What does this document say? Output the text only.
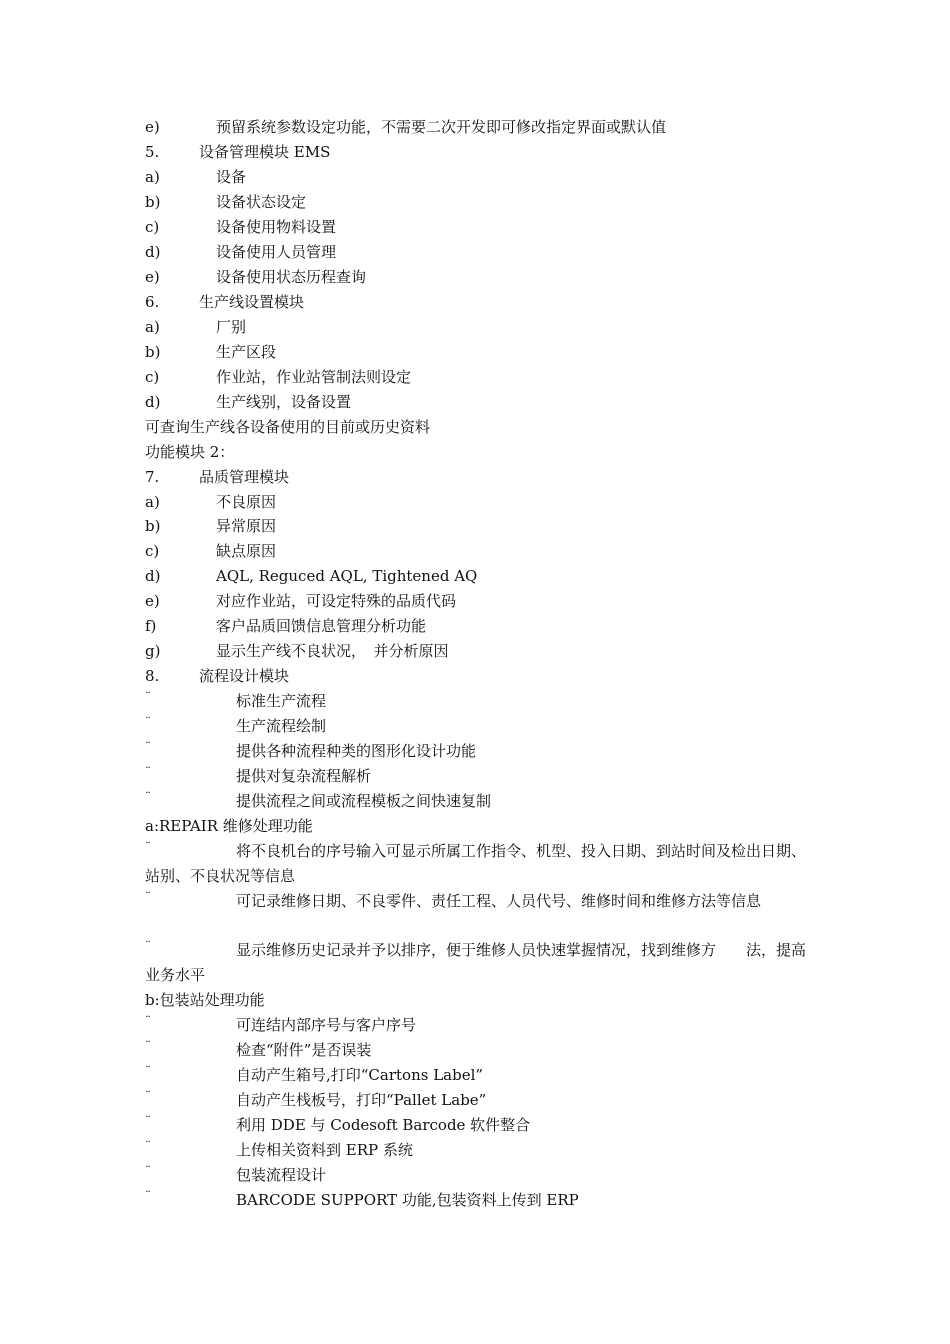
e)	预留系统参数设定功能，不需要二次开发即可修改指定界面或默认值
5.	设备管理模块 EMS
a)	设备
b)	设备状态设定
c)	设备使用物料设置
d)	设备使用人员管理
e)	设备使用状态历程查询
6.	生产线设置模块
a)	厂别
b)	生产区段
c)	作业站，作业站管制法则设定
d)	生产线别，设备设置
可查询生产线各设备使用的目前或历史资料
功能模块 2：
7.	品质管理模块
a)	不良原因
b)	异常原因
c)	缺点原因
d)	AQL, Reguced AQL, Tightened AQ
e)	对应作业站，可设定特殊的品质代码
f)	客户品质回馈信息管理分析功能
g)	显示生产线不良状况，　并分析原因
8.	流程设计模块
¨	标准生产流程
¨	生产流程绘制
¨	提供各种流程种类的图形化设计功能
¨	提供对复杂流程解析
¨	提供流程之间或流程模板之间快速复制
a:REPAIR 维修处理功能
¨	将不良机台的序号输入可显示所属工作指令、机型、投入日期、到站时间及检出日期、站别、不良状况等信息
¨	可记录维修日期、不良零件、责任工程、人员代号、维修时间和维修方法等信息
¨	显示维修历史记录并予以排序，便于维修人员快速掌握情况，找到维修方　　法，提高业务水平
b:包装站处理功能
¨	可连结内部序号与客户序号
¨	检查“附件”是否误装
¨	自动产生箱号,打印“Cartons Label”
¨	自动产生栈板号，打印“Pallet Labe”
¨	利用 DDE 与 Codesoft Barcode 软件整合
¨	上传相关资料到 ERP 系统
¨	包装流程设计
¨	BARCODE SUPPORT 功能,包装资料上传到 ERP
